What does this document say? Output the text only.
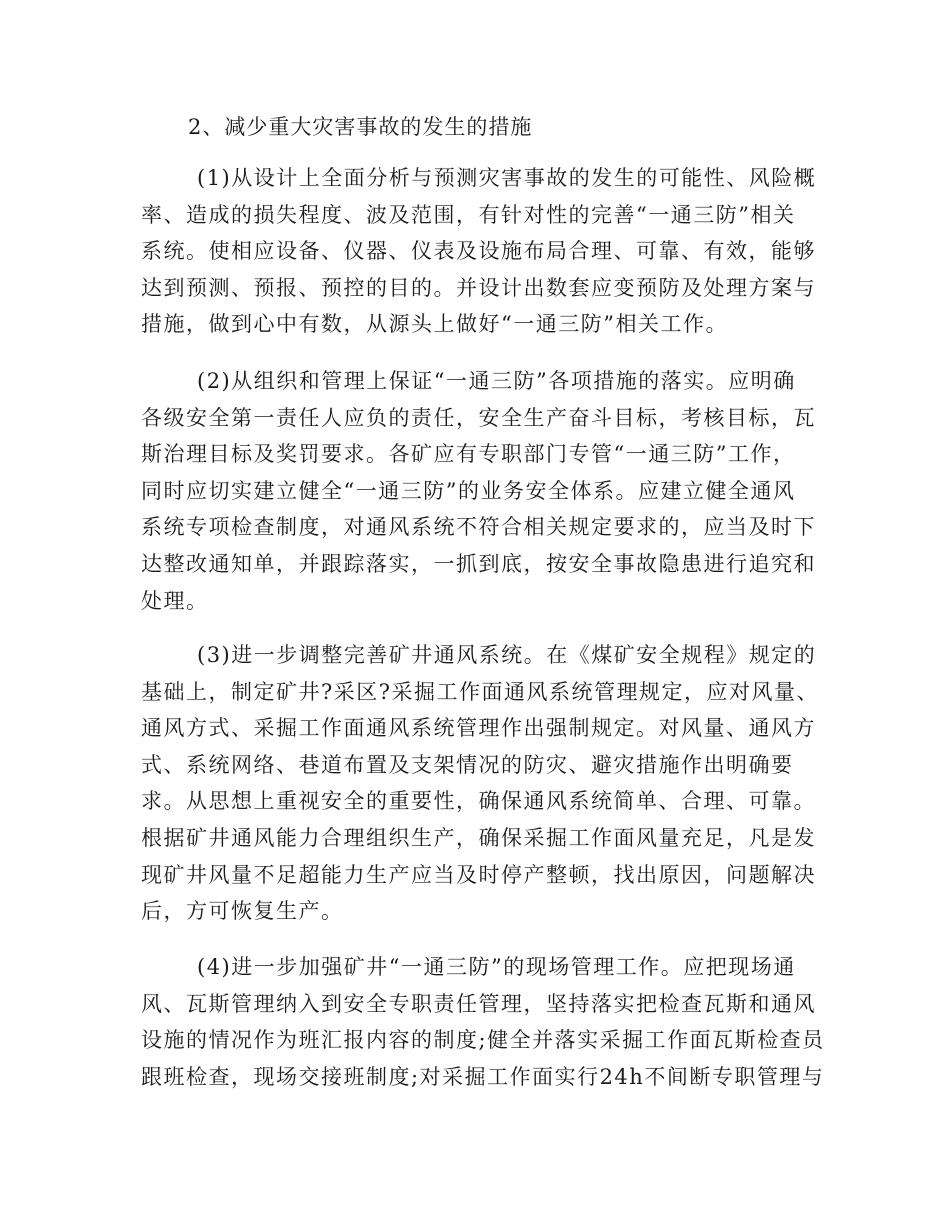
2、减少重大灾害事故的发生的措施
(1)从设计上全面分析与预测灾害事故的发生的可能性、风险概
率、造成的损失程度、波及范围，有针对性的完善“一通三防”相关
系统。使相应设备、仪器、仪表及设施布局合理、可靠、有效，能够
达到预测、预报、预控的目的。并设计出数套应变预防及处理方案与
措施，做到心中有数，从源头上做好“一通三防”相关工作。
(2)从组织和管理上保证“一通三防”各项措施的落实。应明确
各级安全第一责任人应负的责任，安全生产奋斗目标，考核目标，瓦
斯治理目标及奖罚要求。各矿应有专职部门专管“一通三防”工作，
同时应切实建立健全“一通三防”的业务安全体系。应建立健全通风
系统专项检查制度，对通风系统不符合相关规定要求的，应当及时下
达整改通知单，并跟踪落实，一抓到底，按安全事故隐患进行追究和
处理。
(3)进一步调整完善矿井通风系统。在《煤矿安全规程》规定的
基础上，制定矿井?采区?采掘工作面通风系统管理规定，应对风量、
通风方式、采掘工作面通风系统管理作出强制规定。对风量、通风方
式、系统网络、巷道布置及支架情况的防灾、避灾措施作出明确要
求。从思想上重视安全的重要性，确保通风系统简单、合理、可靠。
根据矿井通风能力合理组织生产，确保采掘工作面风量充足，凡是发
现矿井风量不足超能力生产应当及时停产整顿，找出原因，问题解决
后，方可恢复生产。
(4)进一步加强矿井“一通三防”的现场管理工作。应把现场通
风、瓦斯管理纳入到安全专职责任管理，坚持落实把检查瓦斯和通风
设施的情况作为班汇报内容的制度;健全并落实采掘工作面瓦斯检查员
跟班检查，现场交接班制度;对采掘工作面实行24h不间断专职管理与
